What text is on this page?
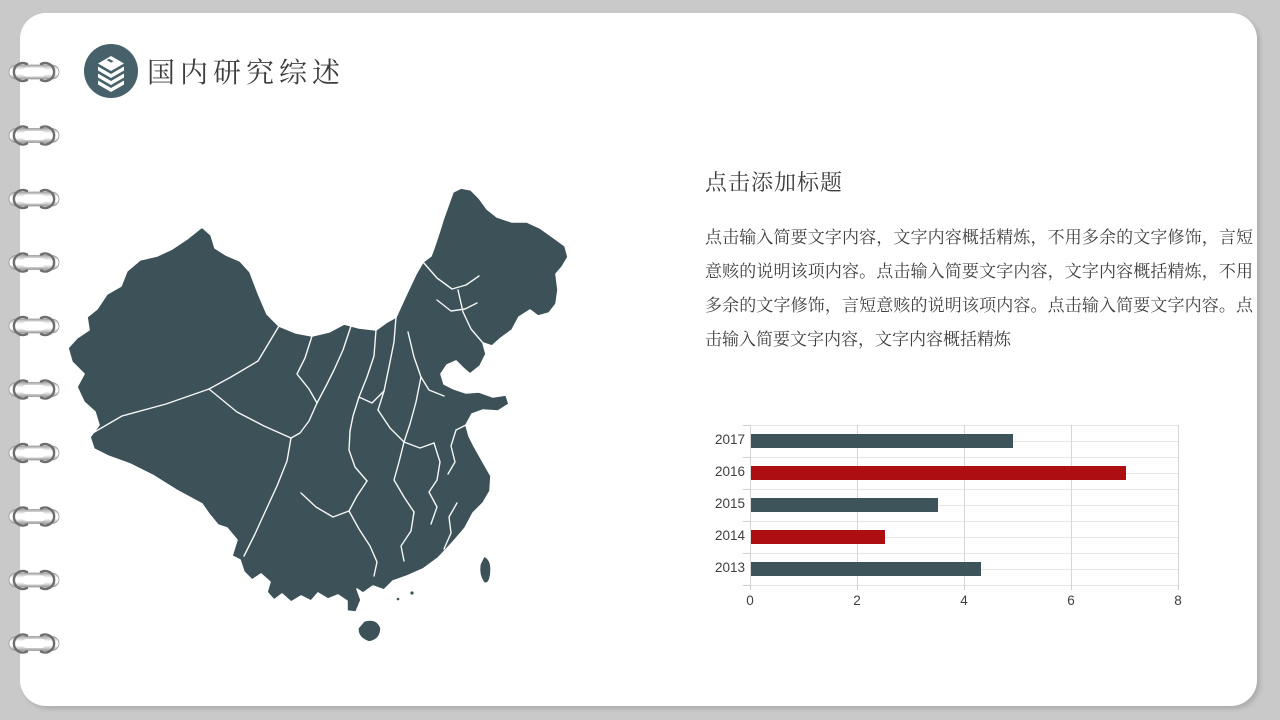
国内研究综述
点击添加标题
点击输入简要文字内容，文字内容概括精炼，不用多余的文字修饰，言短意赅的说明该项内容。点击输入简要文字内容，文字内容概括精炼，不用多余的文字修饰，言短意赅的说明该项内容。点击输入简要文字内容。点击输入简要文字内容，文字内容概括精炼
0	2	4	6	8
2017
2016
2015
2014
2013
